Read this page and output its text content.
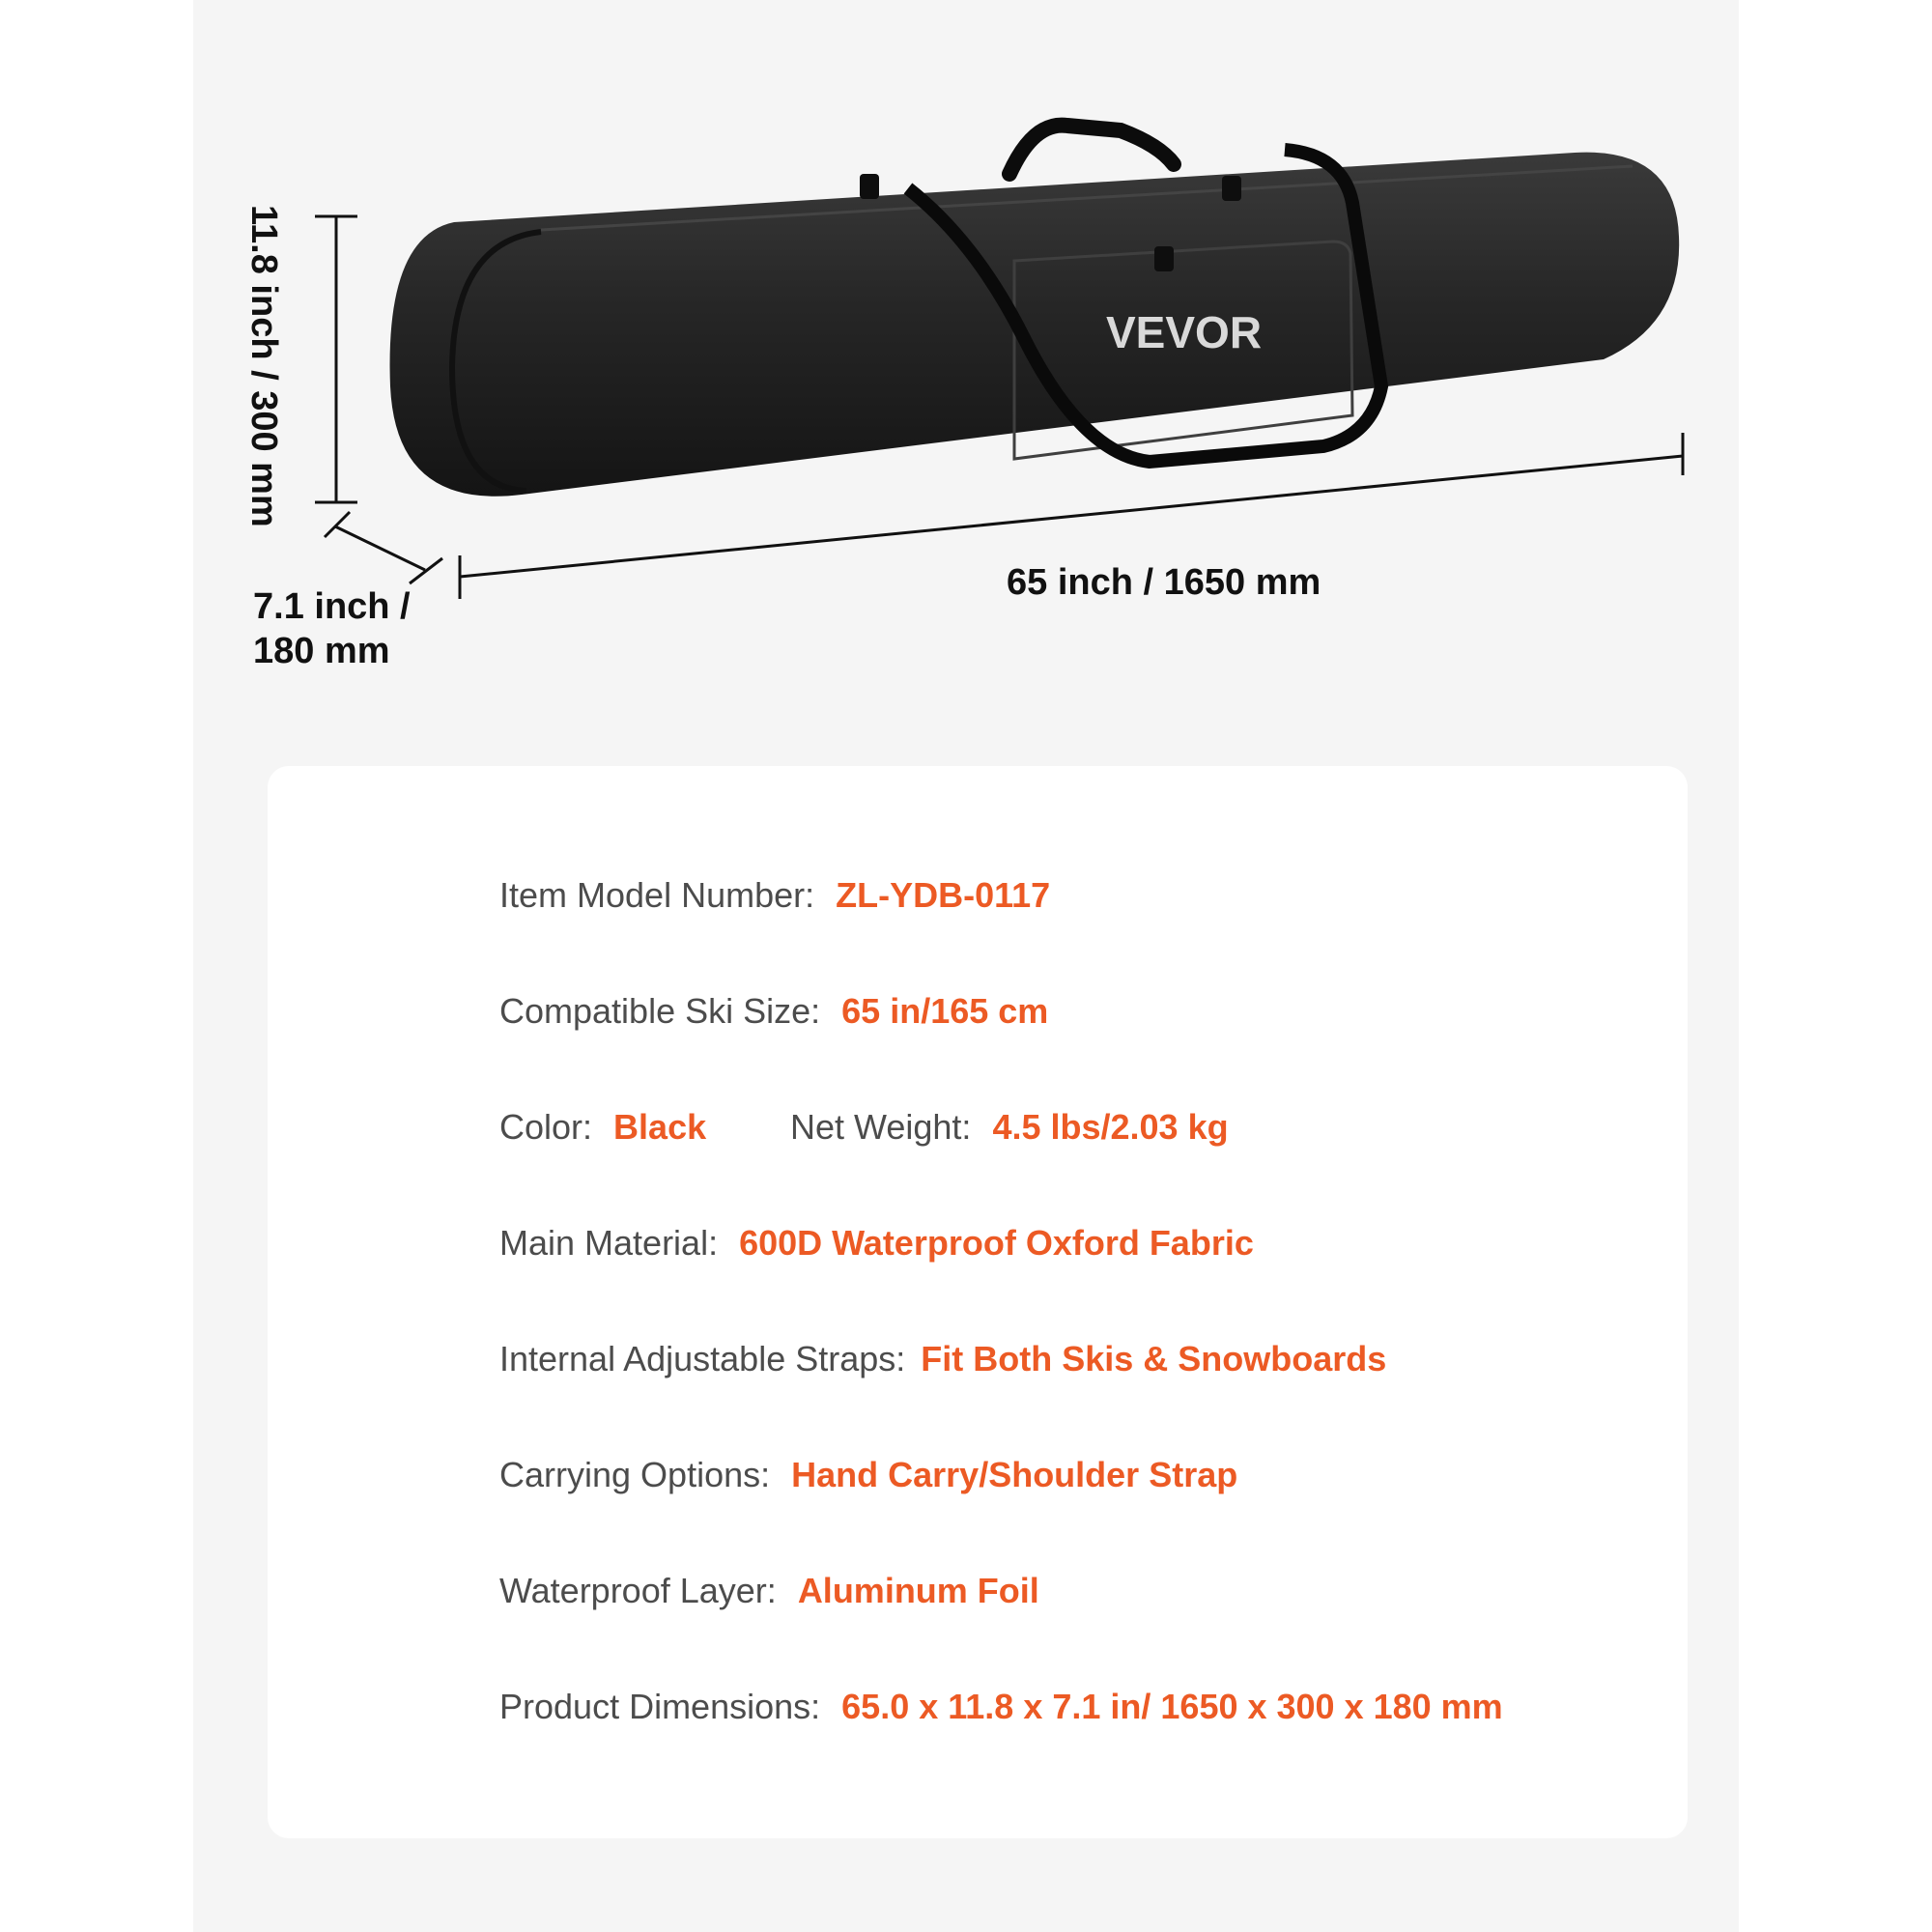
VEVOR
11.8 inch / 300 mm
7.1 inch /
180 mm
65 inch / 1650 mm
Item Model Number: ZL-YDB-0117
Compatible Ski Size: 65 in/165 cm
Color: Black Net Weight: 4.5 lbs/2.03 kg
Main Material: 600D Waterproof Oxford Fabric
Internal Adjustable Straps: Fit Both Skis & Snowboards
Carrying Options: Hand Carry/Shoulder Strap
Waterproof Layer: Aluminum Foil
Product Dimensions: 65.0 x 11.8 x 7.1 in/ 1650 x 300 x 180 mm
